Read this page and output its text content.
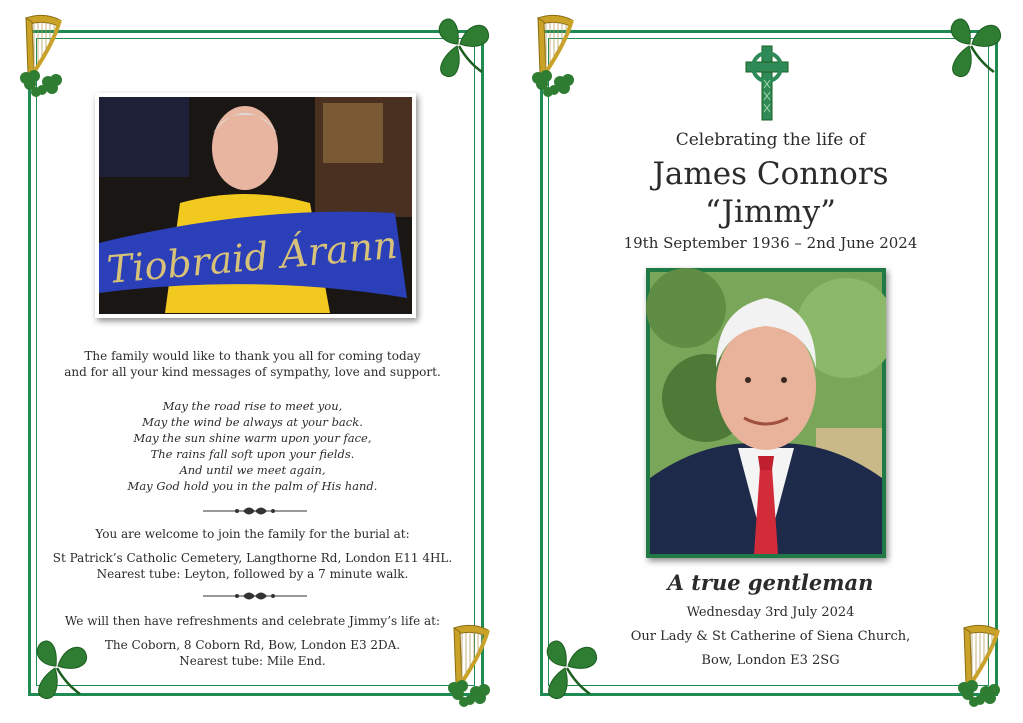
Tiobraid Árann
The family would like to thank you all for coming today
and for all your kind messages of sympathy, love and support.
May the road rise to meet you,
May the wind be always at your back.
May the sun shine warm upon your face,
The rains fall soft upon your fields.
And until we meet again,
May God hold you in the palm of His hand.
You are welcome to join the family for the burial at:
St Patrick’s Catholic Cemetery, Langthorne Rd, London E11 4HL.
Nearest tube: Leyton, followed by a 7 minute walk.
We will then have refreshments and celebrate Jimmy’s life at:
The Coborn, 8 Coborn Rd, Bow, London E3 2DA.
Nearest tube: Mile End.
Celebrating the life of
James Connors
“Jimmy”
19th September 1936 – 2nd June 2024
A true gentleman
Wednesday 3rd July 2024
Our Lady & St Catherine of Siena Church,
Bow, London E3 2SG
